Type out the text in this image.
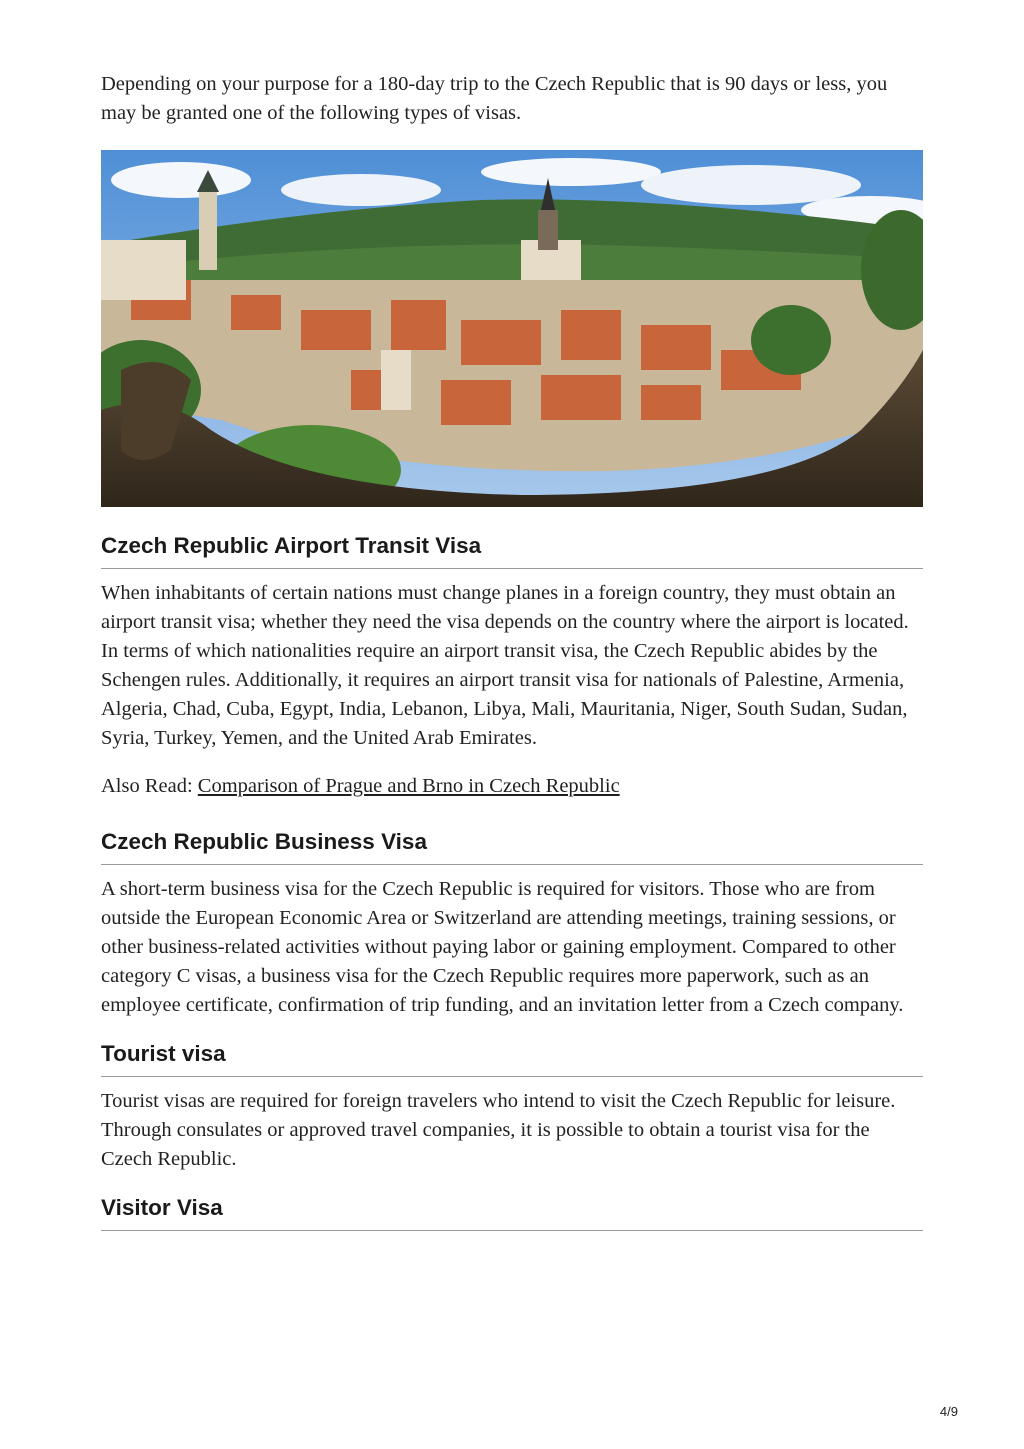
Depending on your purpose for a 180-day trip to the Czech Republic that is 90 days or less, you may be granted one of the following types of visas.

Czech Republic Airport Transit Visa

When inhabitants of certain nations must change planes in a foreign country, they must obtain an airport transit visa; whether they need the visa depends on the country where the airport is located. In terms of which nationalities require an airport transit visa, the Czech Republic abides by the Schengen rules. Additionally, it requires an airport transit visa for nationals of Palestine, Armenia, Algeria, Chad, Cuba, Egypt, India, Lebanon, Libya, Mali, Mauritania, Niger, South Sudan, Sudan, Syria, Turkey, Yemen, and the United Arab Emirates.

Also Read: Comparison of Prague and Brno in Czech Republic

Czech Republic Business Visa

A short-term business visa for the Czech Republic is required for visitors. Those who are from outside the European Economic Area or Switzerland are attending meetings, training sessions, or other business-related activities without paying labor or gaining employment. Compared to other category C visas, a business visa for the Czech Republic requires more paperwork, such as an employee certificate, confirmation of trip funding, and an invitation letter from a Czech company.

Tourist visa

Tourist visas are required for foreign travelers who intend to visit the Czech Republic for leisure. Through consulates or approved travel companies, it is possible to obtain a tourist visa for the Czech Republic.

Visitor Visa
4/9
